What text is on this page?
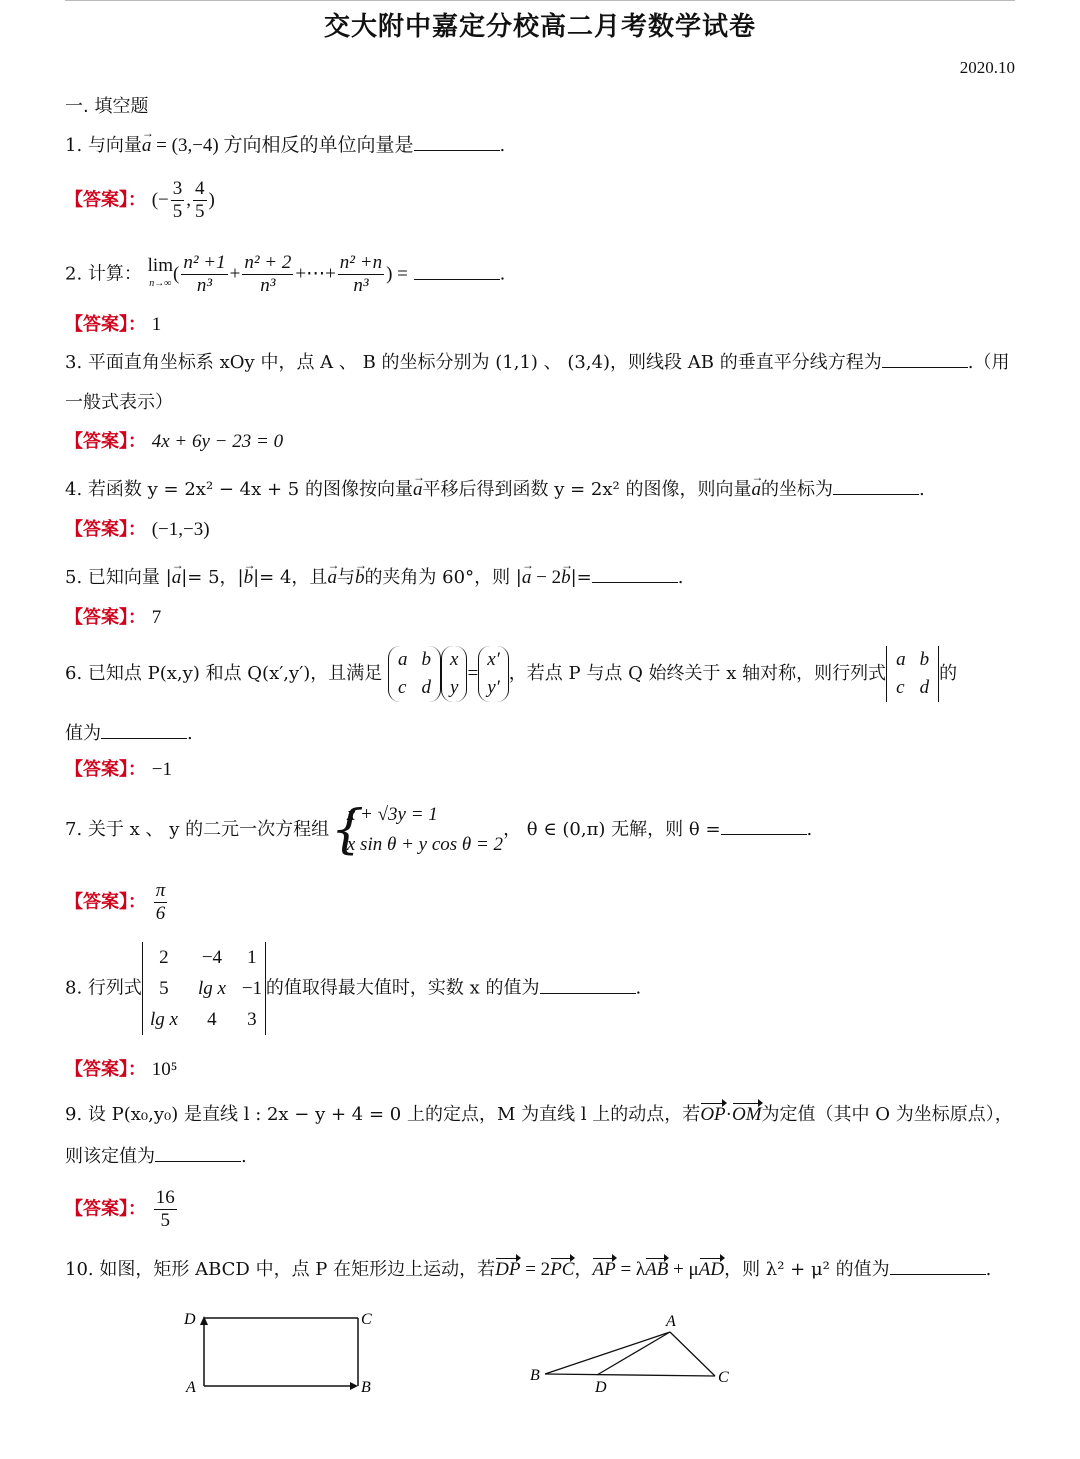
交大附中嘉定分校高二月考数学试卷
2020.10
一. 填空题
1. 与向量→ a = (3,−4) 方向相反的单位向量是	.
【答案】： (− $\frac{3}{5}$ , $\frac{4}{5}$ )
2. 计算： lim
n→∞ ( $\frac{\text{n² +1}}{\text{n³}} + \frac{\text{n² + 2}}{\text{n³}}$ +⋯+ $\frac{\text{n² +n}}{\text{n³}}$ ) =	.
【答案】： 1
3. 平面直角坐标系 xOy 中，点 A 、 B 的坐标分别为 (1,1) 、 (3,4)，则线段 AB 的垂直平分线方程为	.（用一般式表示）
【答案】： 4x + 6y − 23 = 0
4. 若函数 y = 2x² − 4x + 5 的图像按向量→ a平移后得到函数 y = 2x² 的图像，则向量→ a的坐标为	.
【答案】： (−1,−3)
5. 已知向量 |→ a|= 5，|→ b|= 4，且→ a与→ b的夹角为 60°，则 |→ a − 2→ b|=	.
【答案】： 7
6. 已知点 P(x,y) 和点 Q(x′,y′)，且满足
a b
c d
x
y
=
x′
y′
，若点 P 与点 Q 始终关于 x 轴对称，则行列式
a b
c d
的
值为	.
【答案】： −1
7. 关于 x 、 y 的二元一次方程组
{ x + √3y = 1
x sin θ + y cos θ = 2
， θ ∈ (0,π) 无解，则 θ =	.
【答案】： $\frac{\pi}{6}$
8. 行列式
2	−4	1
5	lg x −1
lg x	4	3
的值取得最大值时，实数 x 的值为	.
【答案】： 10⁵
9. 设 P(x₀,y₀) 是直线 l : 2x − y + 4 = 0 上的定点，M 为直线 l 上的动点，若OP·OM为定值（其中 O 为坐标原点），
则该定值为	.
【答案】： $\frac{16}{5}$
10. 如图，矩形 ABCD 中，点 P 在矩形边上运动，若DP = 2PC，AP = λAB + μAD，则 λ² + μ² 的值为	.
D	C
A	B
A
B
D
C
